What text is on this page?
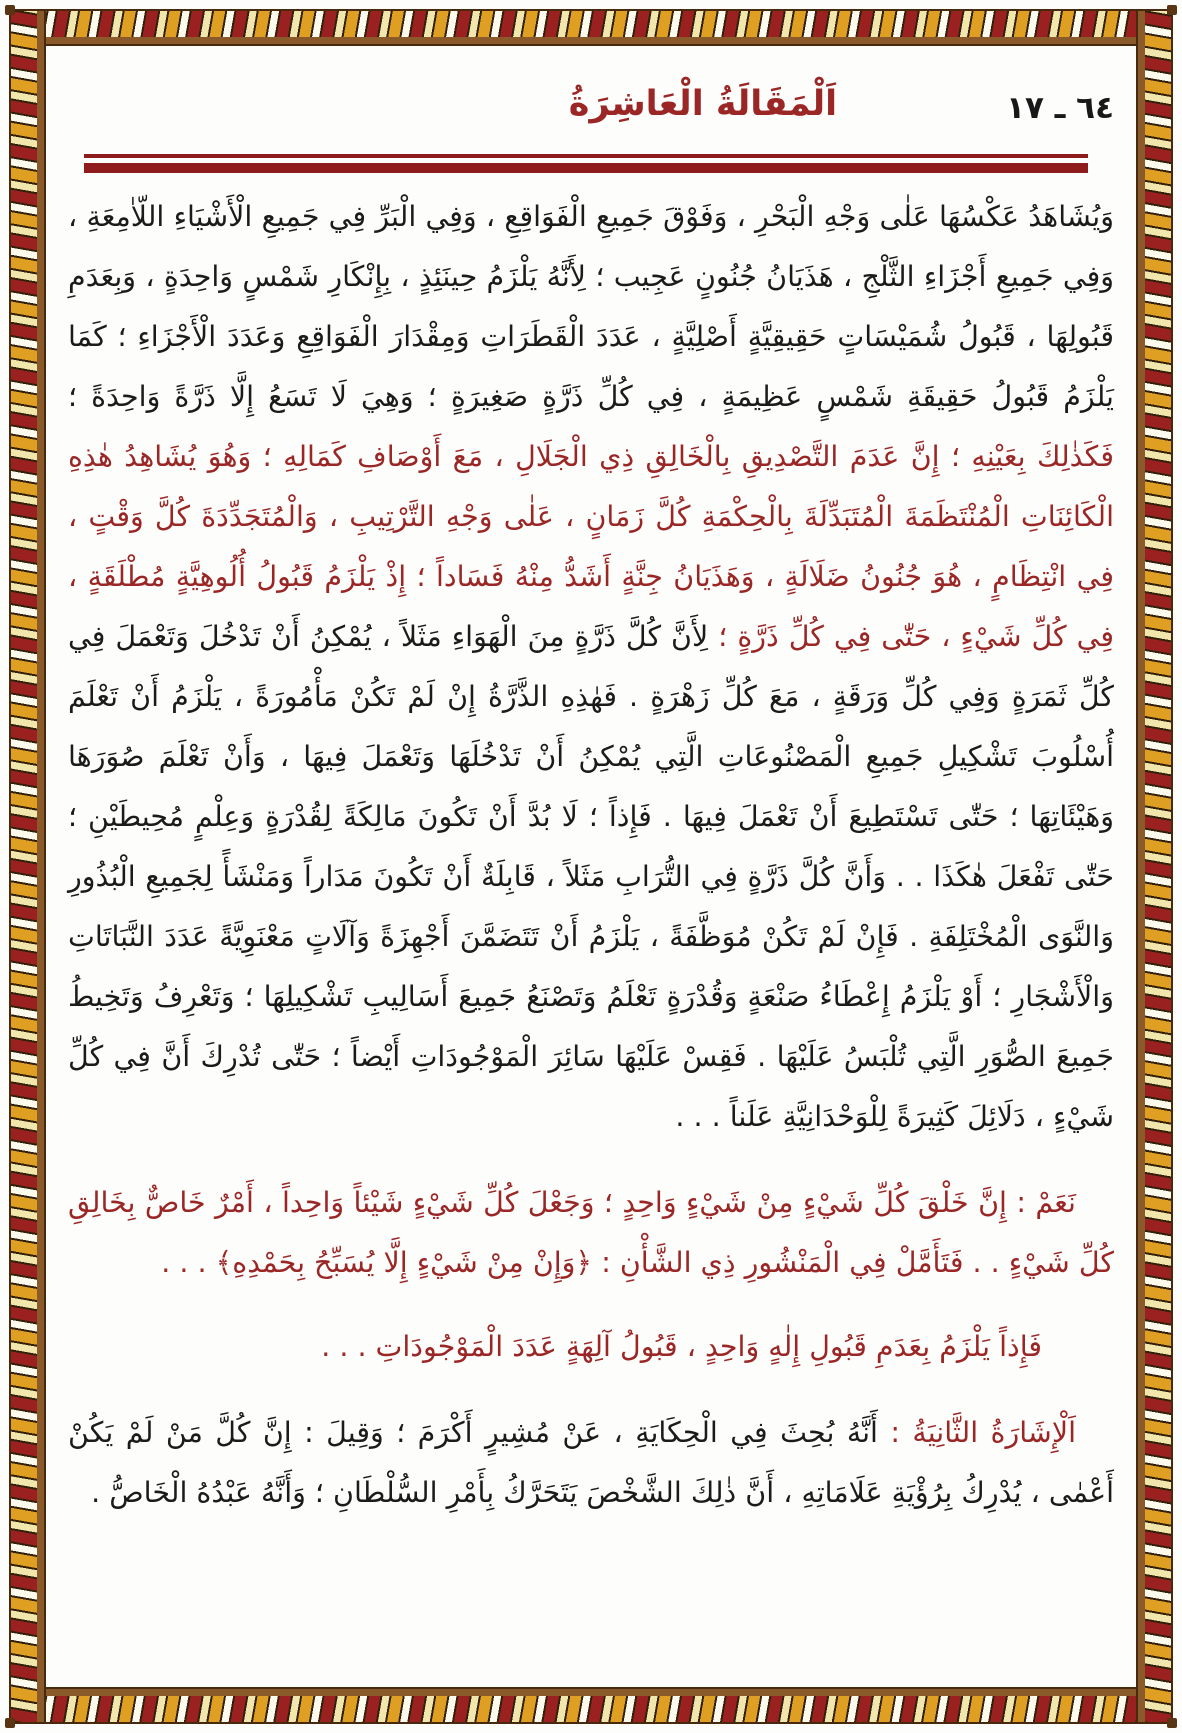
٦٤ ـ ١٧
اَلْمَقَالَةُ الْعَاشِرَةُ

وَيُشَاهَدُ عَكْسُهَا عَلٰى وَجْهِ الْبَحْرِ ، وَفَوْقَ جَمِيعِ الْفَوَاقِعِ ، وَفِي الْبَرِّ فِي جَمِيعِ الْأَشْيَاءِ اللّاٰمِعَةِ ، وَفِي جَمِيعِ أَجْزَاءِ الثَّلْجِ ، هَذَيَانُ جُنُونٍ عَجِيب ؛ لِأَنَّهُ يَلْزَمُ حِينَئِذٍ ، بِإِنْكَارِ شَمْسٍ وَاحِدَةٍ ، وَبِعَدَمِ قَبُولِهَا ، قَبُولُ شُمَيْسَاتٍ حَقِيقِيَّةٍ أَصْلِيَّةٍ ، عَدَدَ الْقَطَرَاتِ وَمِقْدَارَ الْفَوَاقِعِ وَعَدَدَ الْأَجْزَاءِ ؛ كَمَا يَلْزَمُ قَبُولُ حَقِيقَةِ شَمْسٍ عَظِيمَةٍ ، فِي كُلِّ ذَرَّةٍ صَغِيرَةٍ ؛ وَهِيَ لَا تَسَعُ إِلَّا ذَرَّةً وَاحِدَةً ؛ فَكَذٰلِكَ بِعَيْنِهِ ؛ إِنَّ عَدَمَ التَّصْدِيقِ بِالْخَالِقِ ذِي الْجَلَالِ ، مَعَ أَوْصَافِ كَمَالِهِ ؛ وَهُوَ يُشَاهِدُ هٰذِهِ الْكَائِنَاتِ الْمُنْتَظَمَةَ الْمُتَبَدِّلَةَ بِالْحِكْمَةِ كُلَّ زَمَانٍ ، عَلٰى وَجْهِ التَّرْتِيبِ ، وَالْمُتَجَدِّدَةَ كُلَّ وَقْتٍ ، فِي انْتِظَامٍ ، هُوَ جُنُونُ ضَلَالَةٍ ، وَهَذَيَانُ جِنَّةٍ أَشَدُّ مِنْهُ فَسَاداً ؛ إِذْ يَلْزَمُ قَبُولُ أُلُوهِيَّةٍ مُطْلَقَةٍ ، فِي كُلِّ شَيْءٍ ، حَتّٰى فِي كُلِّ ذَرَّةٍ ؛ لِأَنَّ كُلَّ ذَرَّةٍ مِنَ الْهَوَاءِ مَثَلاً ، يُمْكِنُ أَنْ تَدْخُلَ وَتَعْمَلَ فِي كُلِّ ثَمَرَةٍ وَفِي كُلِّ وَرَقَةٍ ، مَعَ كُلِّ زَهْرَةٍ . فَهٰذِهِ الذَّرَّةُ إِنْ لَمْ تَكُنْ مَأْمُورَةً ، يَلْزَمُ أَنْ تَعْلَمَ أُسْلُوبَ تَشْكِيلِ جَمِيعِ الْمَصْنُوعَاتِ الَّتِي يُمْكِنُ أَنْ تَدْخُلَهَا وَتَعْمَلَ فِيهَا ، وَأَنْ تَعْلَمَ صُوَرَهَا وَهَيْئَاتِهَا ؛ حَتّٰى تَسْتَطِيعَ أَنْ تَعْمَلَ فِيهَا . فَإِذاً ؛ لَا بُدَّ أَنْ تَكُونَ مَالِكَةً لِقُدْرَةٍ وَعِلْمٍ مُحِيطَيْنِ ؛ حَتّٰى تَفْعَلَ هٰكَذَا . . وَأَنَّ كُلَّ ذَرَّةٍ فِي التُّرَابِ مَثَلاً ، قَابِلَةٌ أَنْ تَكُونَ مَدَاراً وَمَنْشَأً لِجَمِيعِ الْبُذُورِ وَالنَّوَى الْمُخْتَلِفَةِ . فَإِنْ لَمْ تَكُنْ مُوَظَّفَةً ، يَلْزَمُ أَنْ تَتَضَمَّنَ أَجْهِزَةً وَآلَاتٍ مَعْنَوِيَّةً عَدَدَ النَّبَاتَاتِ وَالْأَشْجَارِ ؛ أَوْ يَلْزَمُ إِعْطَاءُ صَنْعَةٍ وَقُدْرَةٍ تَعْلَمُ وَتَصْنَعُ جَمِيعَ أَسَالِيبِ تَشْكِيلِهَا ؛ وَتَعْرِفُ وَتَخِيطُ جَمِيعَ الصُّوَرِ الَّتِي تُلْبَسُ عَلَيْهَا . فَقِسْ عَلَيْهَا سَائِرَ الْمَوْجُودَاتِ أَيْضاً ؛ حَتّٰى تُدْرِكَ أَنَّ فِي كُلِّ شَيْءٍ ، دَلَائِلَ كَثِيرَةً لِلْوَحْدَانِيَّةِ عَلَناً . . .

نَعَمْ : إِنَّ خَلْقَ كُلِّ شَيْءٍ مِنْ شَيْءٍ وَاحِدٍ ؛ وَجَعْلَ كُلِّ شَيْءٍ شَيْئاً وَاحِداً ، أَمْرٌ خَاصٌّ بِخَالِقِ كُلِّ شَيْءٍ . . فَتَأَمَّلْ فِي الْمَنْشُورِ ذِي الشَّأْنِ : ﴿وَإِنْ مِنْ شَيْءٍ إِلَّا يُسَبِّحُ بِحَمْدِهِ﴾ . . .

فَإِذاً يَلْزَمُ بِعَدَمِ قَبُولِ إِلٰهٍ وَاحِدٍ ، قَبُولُ آلِهَةٍ عَدَدَ الْمَوْجُودَاتِ . . .

اَلْإِشَارَةُ الثَّانِيَةُ : أَنَّهُ بُحِثَ فِي الْحِكَايَةِ ، عَنْ مُشِيرٍ أَكْرَمَ ؛ وَقِيلَ : إِنَّ كُلَّ مَنْ لَمْ يَكُنْ أَعْمٰى ، يُدْرِكُ بِرُؤْيَةِ عَلَامَاتِهِ ، أَنَّ ذٰلِكَ الشَّخْصَ يَتَحَرَّكُ بِأَمْرِ السُّلْطَانِ ؛ وَأَنَّهُ عَبْدُهُ الْخَاصُّ .
